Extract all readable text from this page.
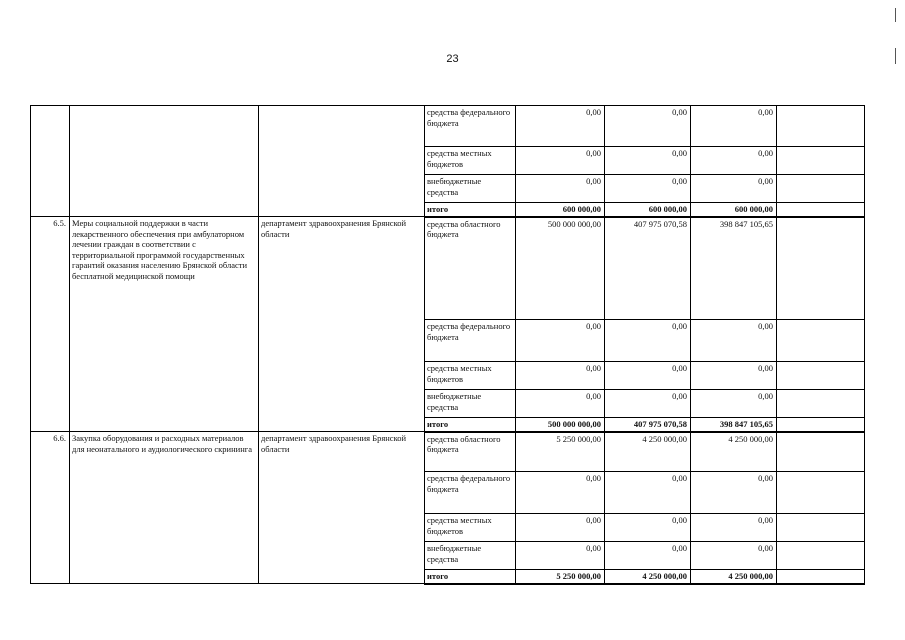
23
			средства федерального бюджета	0,00	0,00	0,00	
			средства местных бюджетов	0,00	0,00	0,00	
			внебюджетные средства	0,00	0,00	0,00	
			итого	600 000,00	600 000,00	600 000,00	
6.5.	Меры социальной поддержки в части лекарственного обеспечения при амбулаторном лечении граждан в соответствии с территориальной программой государственных гарантий оказания населению Брянской области бесплатной медицинской помощи	департамент здравоохранения Брянской области	средства областного бюджета	500 000 000,00	407 975 070,58	398 847 105,65	
			средства федерального бюджета	0,00	0,00	0,00	
			средства местных бюджетов	0,00	0,00	0,00	
			внебюджетные средства	0,00	0,00	0,00	
			итого	500 000 000,00	407 975 070,58	398 847 105,65	
6.6.	Закупка оборудования и расходных материалов для неонатального и аудиологического скрининга	департамент здравоохранения Брянской области	средства областного бюджета	5 250 000,00	4 250 000,00	4 250 000,00	
			средства федерального бюджета	0,00	0,00	0,00	
			средства местных бюджетов	0,00	0,00	0,00	
			внебюджетные средства	0,00	0,00	0,00	
			итого	5 250 000,00	4 250 000,00	4 250 000,00	
